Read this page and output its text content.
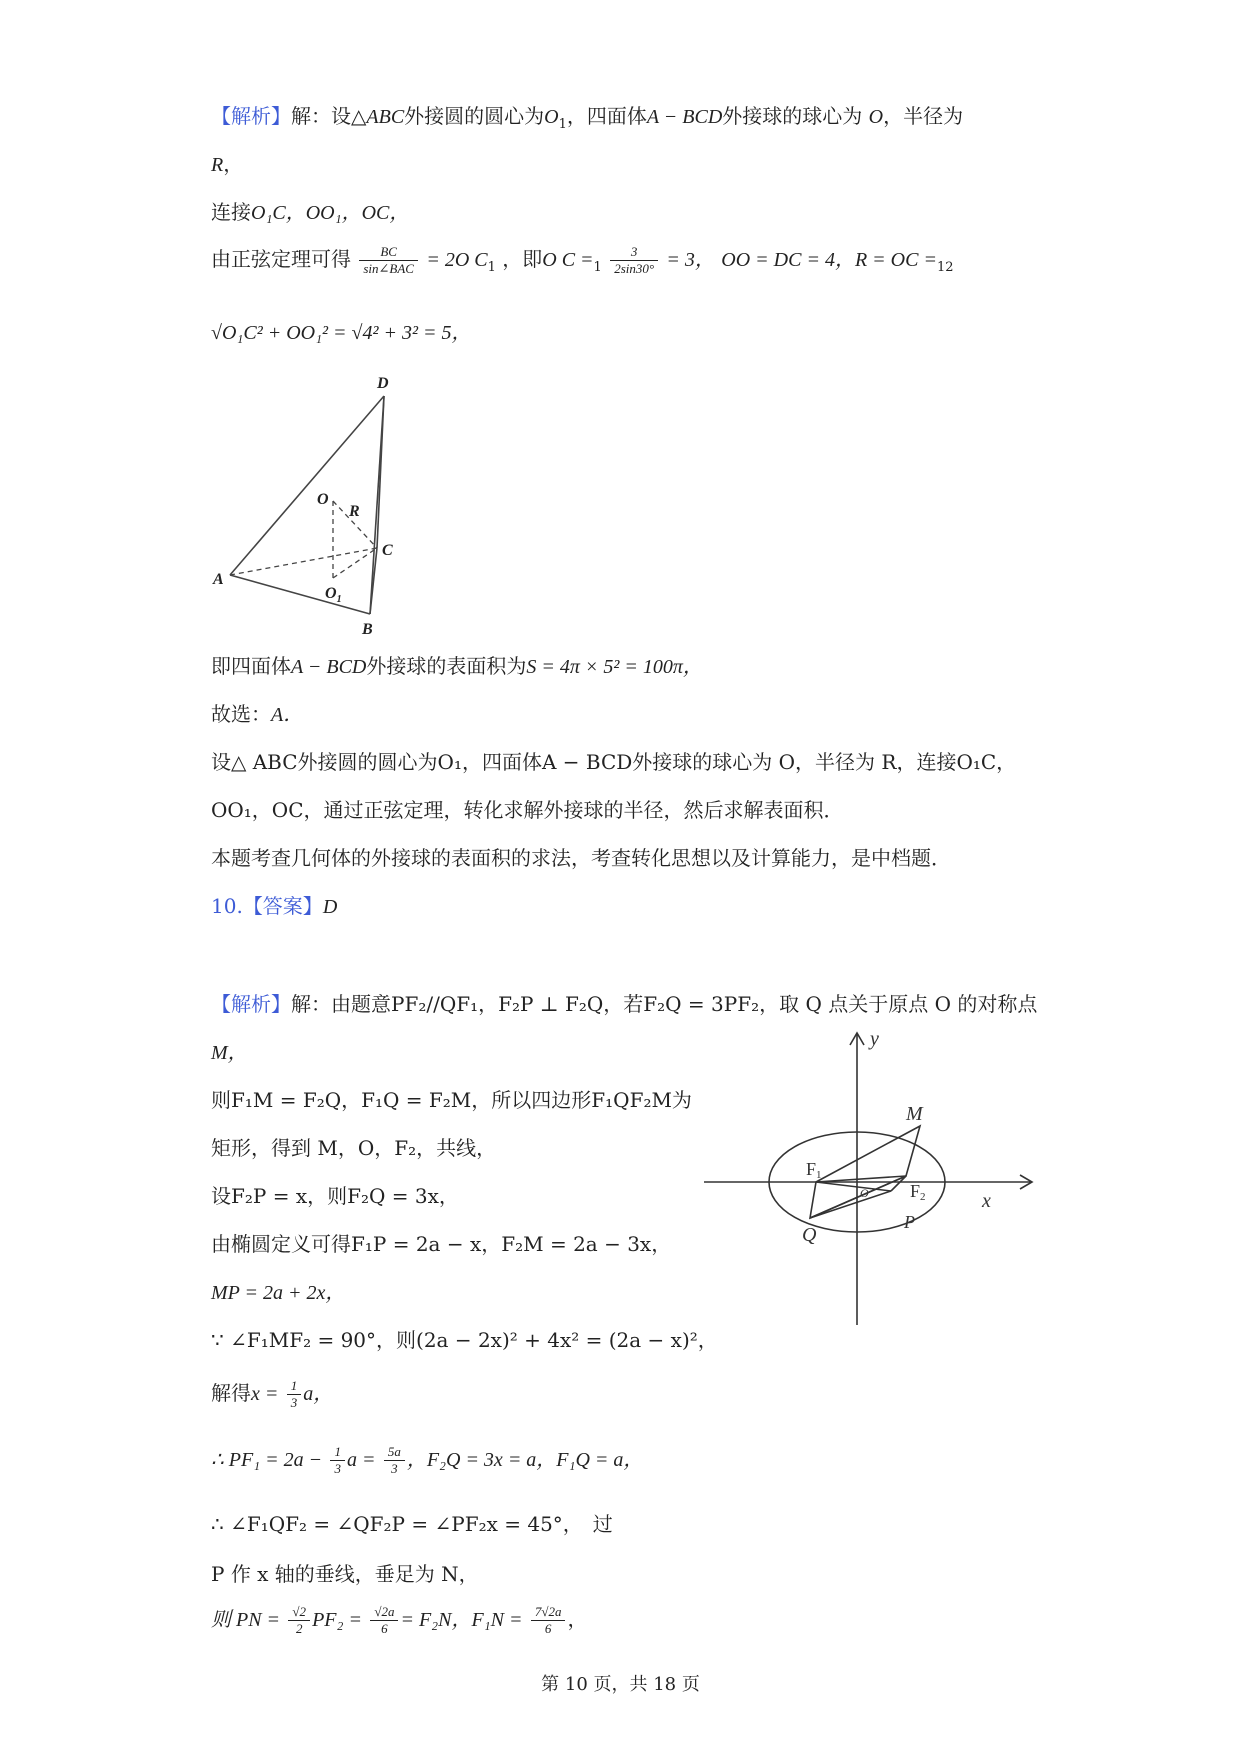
【解析】解：设△ABC外接圆的圆心为$O_1$，四面体A − BCD外接球的球心为 O，半径为
R，
连接O₁C，OO₁，OC，
由正弦定理可得 $\frac{BC}{\text{sin∠BAC}} = 2O$ $C_1$ ，即O $C =_1 \frac{3}{2\sin 30^\circ} = 3$， OO = DC = 4，R = OC $=_{12}$
√O₁C² + OO₁² = √4² + 3² = 5，
D
O
R
C
A
$O_1$
B
即四面体A − BCD外接球的表面积为S = 4π × 5² = 100π，
故选：A．
设△ ABC外接圆的圆心为O₁，四面体A − BCD外接球的球心为 O，半径为 R，连接O₁C，
OO₁，OC，通过正弦定理，转化求解外接球的半径，然后求解表面积．
本题考查几何体的外接球的表面积的求法，考查转化思想以及计算能力，是中档题．
10.【答案】D
【解析】解：由题意PF₂//QF₁，F₂P ⊥ F₂Q，若F₂Q = 3PF₂，取 Q 点关于原点 O 的对称点
M，
则F₁M = F₂Q，F₁Q = F₂M，所以四边形F₁QF₂M为
矩形，得到 M，O，F₂，共线，
设F₂P = x，则F₂Q = 3x，
由椭圆定义可得F₁P = 2a − x，F₂M = 2a − 3x，
MP = 2a + 2x，
∵ ∠F₁MF₂ = 90°，则(2a − 2x)² + 4x² = (2a − x)²，
解得$x = \frac{1}{3}$ a，
∴ $PF_1 = 2a - \frac{1}{3}$ $a = \frac{5a}{3}$ ，F₂Q = 3x = a，F₁Q = a，
∴ ∠F₁QF₂ = ∠QF₂P = ∠PF₂x = 45°，　过
P 作 x 轴的垂线，垂足为 N，
则 PN = $\frac{√2}{2} PF_2 = \frac{√2a}{6} = F_2N$，$F_1N = \frac{7√2a}{6}$ ，
y
x
M
F1
O F2
Q
P
第 10 页，共 18 页
